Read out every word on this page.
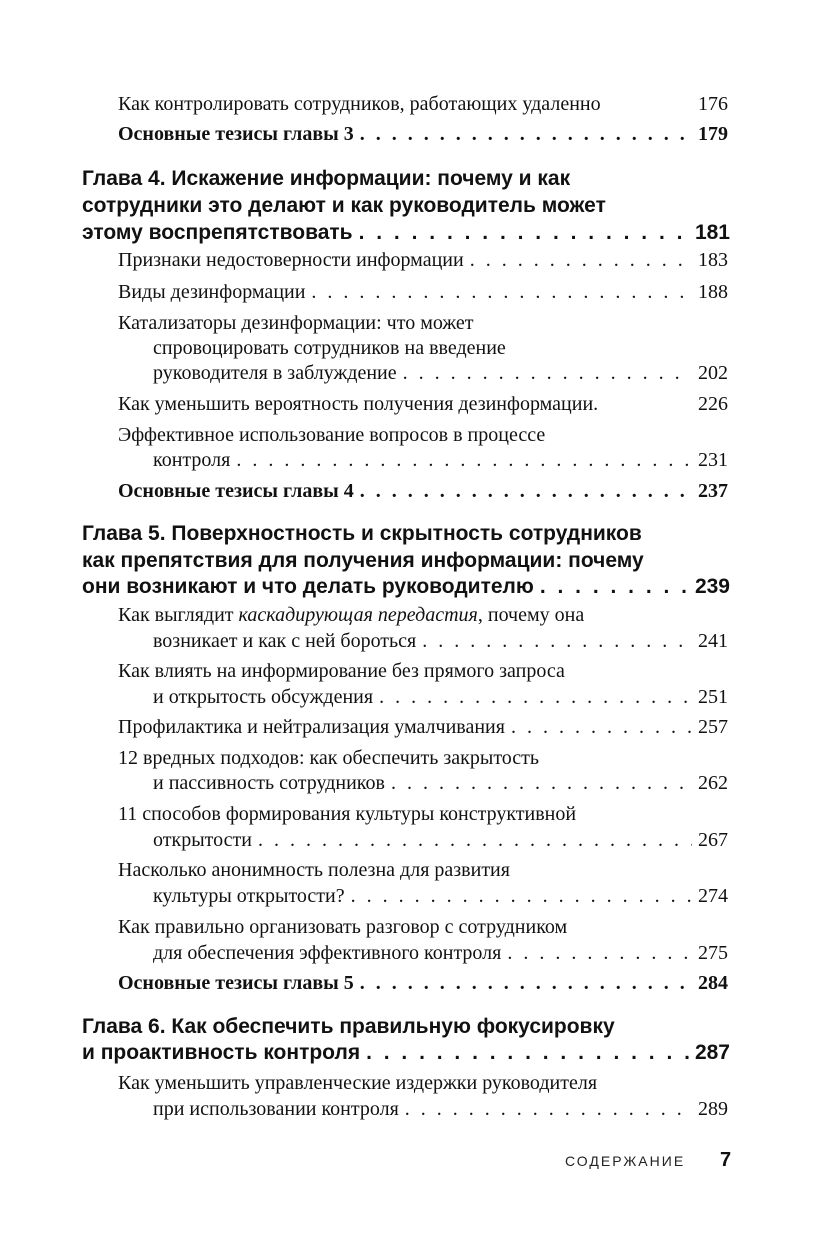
Как контролировать сотрудников, работающих удаленно	176
Основные тезисы главы 3 . . .	179
Глава 4. Искажение информации: почему и как
сотрудники это делают и как руководитель может
этому воспрепятствовать . . .	181
Признаки недостоверности информации . . .	183
Виды дезинформации . . .	188
Катализаторы дезинформации: что может
спровоцировать сотрудников на введение
руководителя в заблуждение . . .	202
Как уменьшить вероятность получения дезинформации.	226
Эффективное использование вопросов в процессе
контроля . . .	231
Основные тезисы главы 4 . . .	237
Глава 5. Поверхностность и скрытность сотрудников
как препятствия для получения информации: почему
они возникают и что делать руководителю . . .	239
Как выглядит каскадирующая передастия, почему она
возникает и как с ней бороться . . .	241
Как влиять на информирование без прямого запроса
и открытость обсуждения . . .	251
Профилактика и нейтрализация умалчивания . . .	257
12 вредных подходов: как обеспечить закрытость
и пассивность сотрудников . . .	262
11 способов формирования культуры конструктивной
открытости . . .	267
Насколько анонимность полезна для развития
культуры открытости? . . .	274
Как правильно организовать разговор с сотрудником
для обеспечения эффективного контроля . . .	275
Основные тезисы главы 5 . . .	284
Глава 6. Как обеспечить правильную фокусировку
и проактивность контроля . . .	287
Как уменьшить управленческие издержки руководителя
при использовании контроля . . .	289
СОДЕРЖАНИЕ 7
